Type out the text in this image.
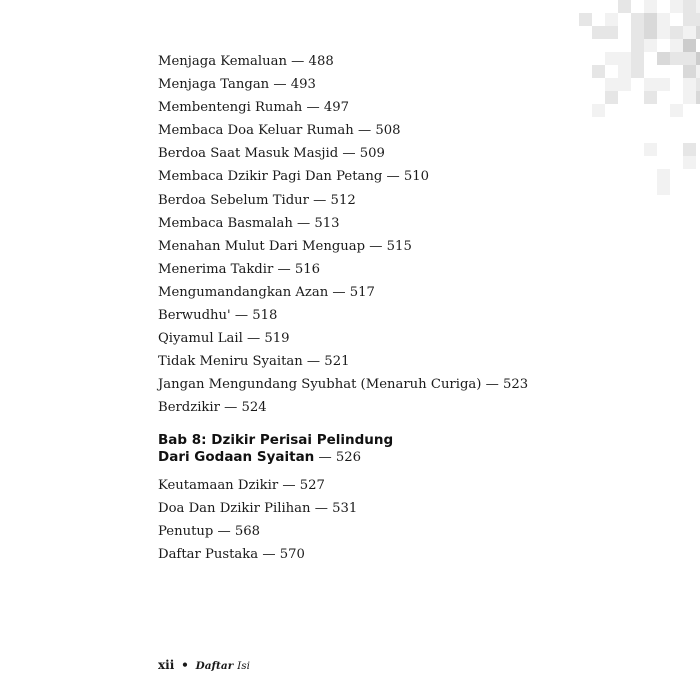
Menjaga Kemaluan — 488
Menjaga Tangan — 493
Membentengi Rumah — 497
Membaca Doa Keluar Rumah — 508
Berdoa Saat Masuk Masjid — 509
Membaca Dzikir Pagi Dan Petang — 510
Berdoa Sebelum Tidur — 512
Membaca Basmalah — 513
Menahan Mulut Dari Menguap — 515
Menerima Takdir — 516
Mengumandangkan Azan — 517
Berwudhu' — 518
Qiyamul Lail — 519
Tidak Meniru Syaitan — 521
Jangan Mengundang Syubhat (Menaruh Curiga) — 523
Berdzikir — 524
Bab 8: Dzikir Perisai Pelindung
Dari Godaan Syaitan — 526
Keutamaan Dzikir — 527
Doa Dan Dzikir Pilihan — 531
Penutup — 568
Daftar Pustaka — 570
xii • Daftar Isi
